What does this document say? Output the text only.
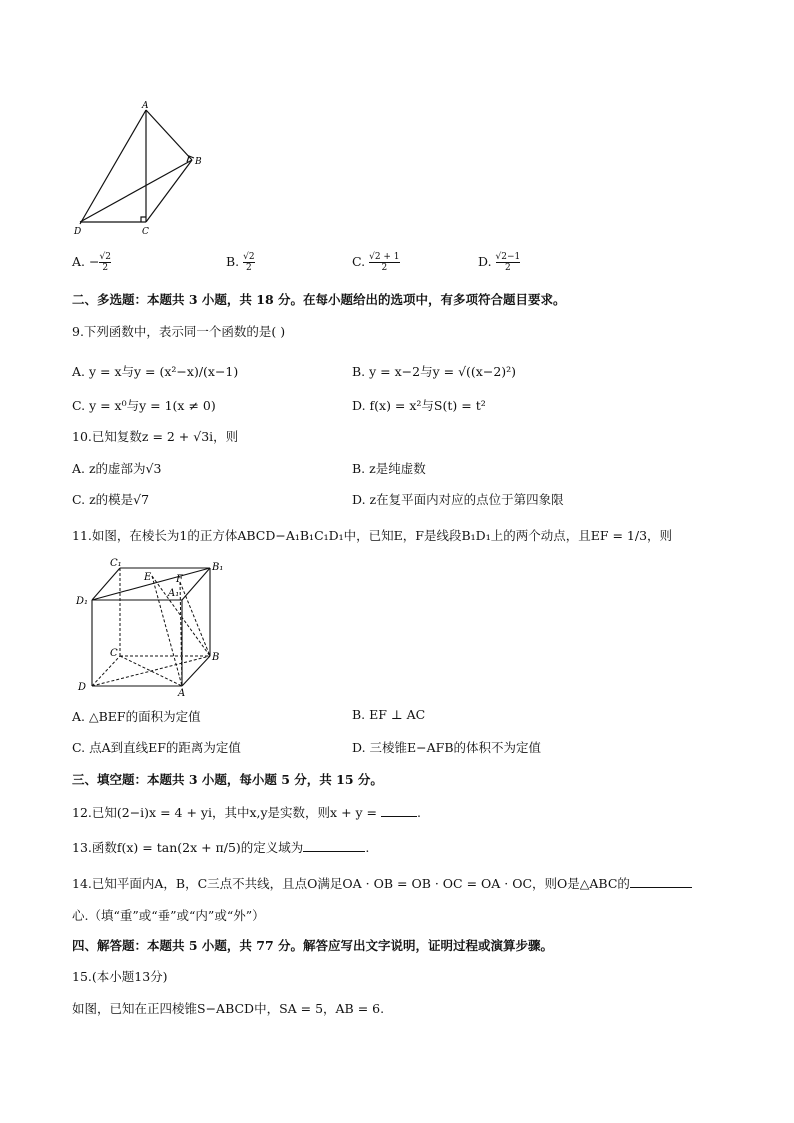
A
B
C
D
A. − $\frac{√2}{2}$	B. $\frac{√2}{2}$	C. $\frac{√2 + 1}{2}$	D. $\frac{√2-1}{2}$
二、多选题：本题共 3 小题，共 18 分。在每小题给出的选项中，有多项符合题目要求。
9.下列函数中，表示同一个函数的是( )
A. y = x与y = (x²−x)/(x−1)	B. y = x−2与y = √((x−2)²)
C. y = x⁰与y = 1(x ≠ 0)	D. f(x) = x²与S(t) = t²
10.已知复数z = 2 + √3i，则
A. z的虚部为√3	B. z是纯虚数
C. z的模是√7	D. z在复平面内对应的点位于第四象限
11.如图，在棱长为1的正方体ABCD−A₁B₁C₁D₁中，已知E，F是线段B₁D₁上的两个动点，且EF = 1/3，则
C₁	B₁
D₁
E F
A₁
C	B
D
A
A. △BEF的面积为定值	B. EF ⊥ AC
C. 点A到直线EF的距离为定值	D. 三棱锥E−AFB的体积不为定值
三、填空题：本题共 3 小题，每小题 5 分，共 15 分。
12.已知(2−i)x = 4 + yi，其中x,y是实数，则x + y =	.
13.函数f(x) = tan(2x + π/5)的定义域为	.
14.已知平面内A，B，C三点不共线，且点O满足OA · OB = OB · OC = OA · OC，则O是△ABC的
心.（填“重”或“垂”或“内”或“外”）
四、解答题：本题共 5 小题，共 77 分。解答应写出文字说明，证明过程或演算步骤。
15.(本小题13分)
如图，已知在正四棱锥S−ABCD中，SA = 5，AB = 6.
